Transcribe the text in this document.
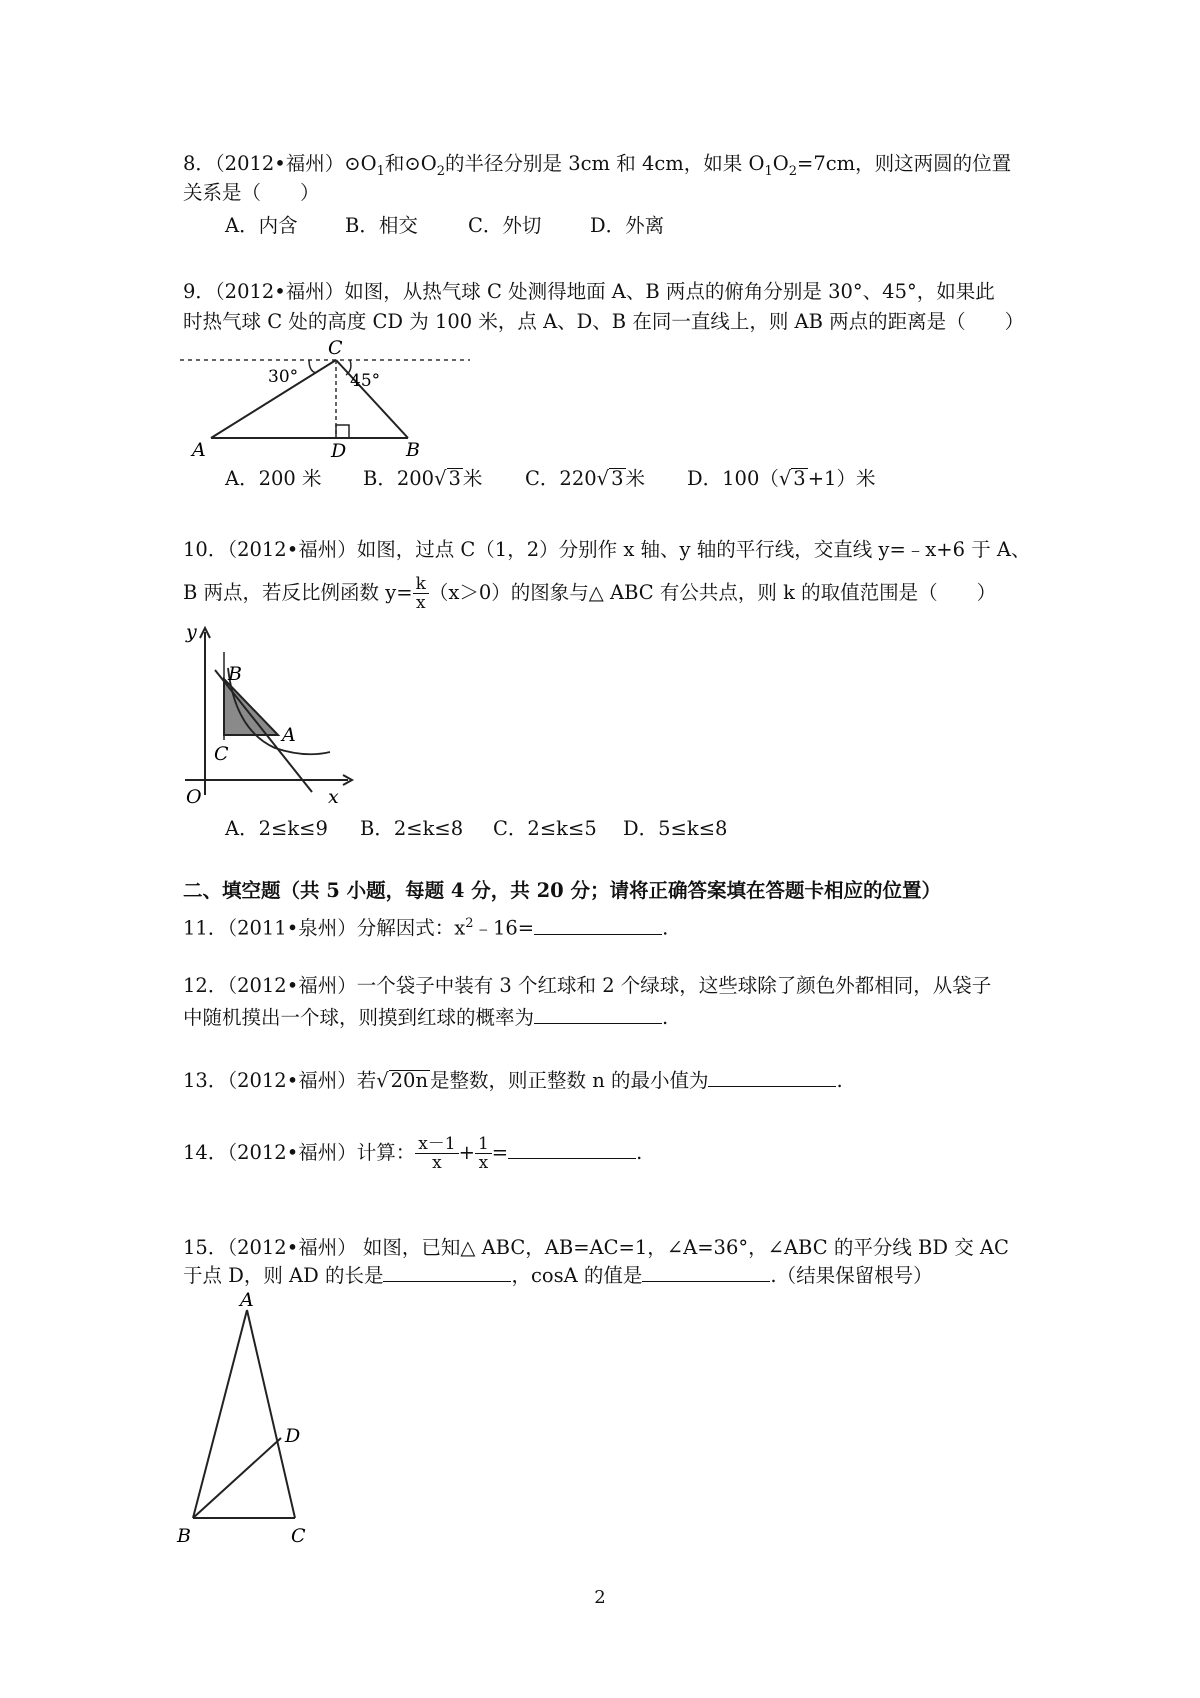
8．（2012•福州）$⊙O_1$和$⊙O_2$的半径分别是 3cm 和 4cm，如果 $O_1O_2=7cm$，则这两圆的位置
关系是（　　）
A．内含 B．相交	C．外切 D．外离
9．（2012•福州）如图，从热气球 C 处测得地面 A、B 两点的俯角分别是 30°、45°，如果此
时热气球 C 处的高度 CD 为 100 米，点 A、D、B 在同一直线上，则 AB 两点的距离是（　　）
C
30°	45°
A	D	B
A．200 米 B．200√ 3 米 C．220√ 3 米 D．100（√ 3 +1）米
10．（2012•福州）如图，过点 C（1，2）分别作 x 轴、y 轴的平行线，交直线 y=﹣x+6 于 A、
B 两点，若反比例函数 $y= \frac{k}{x} (x>0)$的图象与△ ABC 有公共点，则 k 的取值范围是（　　）
y
x
O
B
A
C
A．2≤k≤9 B．2≤k≤8 C．2≤k≤5 D．5≤k≤8
二、填空题（共 5 小题，每题 4 分，共 20 分；请将正确答案填在答题卡相应的位置）
11．（2011•泉州）分解因式：$x^2﹣16=$	.
12．（2012•福州）一个袋子中装有 3 个红球和 2 个绿球，这些球除了颜色外都相同，从袋子
中随机摸出一个球，则摸到红球的概率为	.
13．（2012•福州）若√ 20n 是整数，则正整数 n 的最小值为	.
14．（2012•福州）计算： $\frac{x-1}{x} + \frac{1}{x}$ =	.
15．（2012•福州） 如图，已知△ ABC，AB=AC=1，∠A=36°，∠ABC 的平分线 BD 交 AC
于点 D，则 AD 的长是	，cosA 的值是	.（结果保留根号）
A
D
B	C
2
